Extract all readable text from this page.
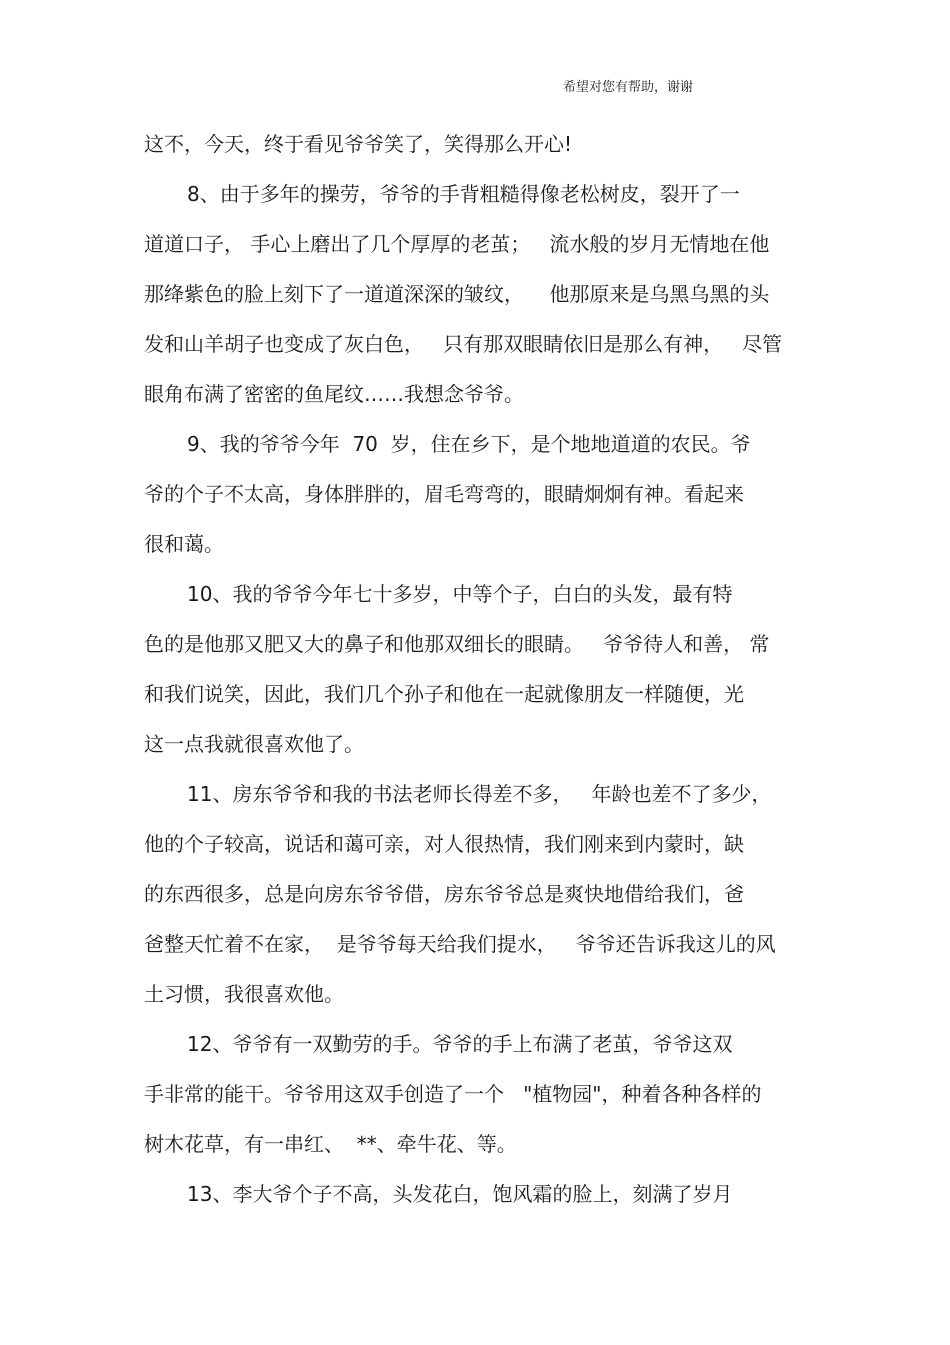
希望对您有帮助，谢谢
这不，今天，终于看见爷爷笑了，笑得那么开心!
8、由于多年的操劳，爷爷的手背粗糙得像老松树皮，裂开了一
道道口子， 手心上磨出了几个厚厚的老茧；   流水般的岁月无情地在他
那绛紫色的脸上刻下了一道道深深的皱纹，    他那原来是乌黑乌黑的头
发和山羊胡子也变成了灰白色，   只有那双眼睛依旧是那么有神，   尽管
眼角布满了密密的鱼尾纹……我想念爷爷。
9、我的爷爷今年  70  岁，住在乡下，是个地地道道的农民。爷
爷的个子不太高，身体胖胖的，眉毛弯弯的，眼睛炯炯有神。看起来
很和蔼。
10、我的爷爷今年七十多岁，中等个子，白白的头发，最有特
色的是他那又肥又大的鼻子和他那双细长的眼睛。   爷爷待人和善， 常
和我们说笑，因此，我们几个孙子和他在一起就像朋友一样随便，光
这一点我就很喜欢他了。
11、房东爷爷和我的书法老师长得差不多，   年龄也差不了多少，
他的个子较高，说话和蔼可亲，对人很热情，我们刚来到内蒙时，缺
的东西很多，总是向房东爷爷借，房东爷爷总是爽快地借给我们，爸
爸整天忙着不在家，  是爷爷每天给我们提水，   爷爷还告诉我这儿的风
土习惯，我很喜欢他。
12、爷爷有一双勤劳的手。爷爷的手上布满了老茧，爷爷这双
手非常的能干。爷爷用这双手创造了一个   "植物园"，种着各种各样的
树木花草，有一串红、  **、牵牛花、等。
13、李大爷个子不高，头发花白，饱风霜的脸上，刻满了岁月
